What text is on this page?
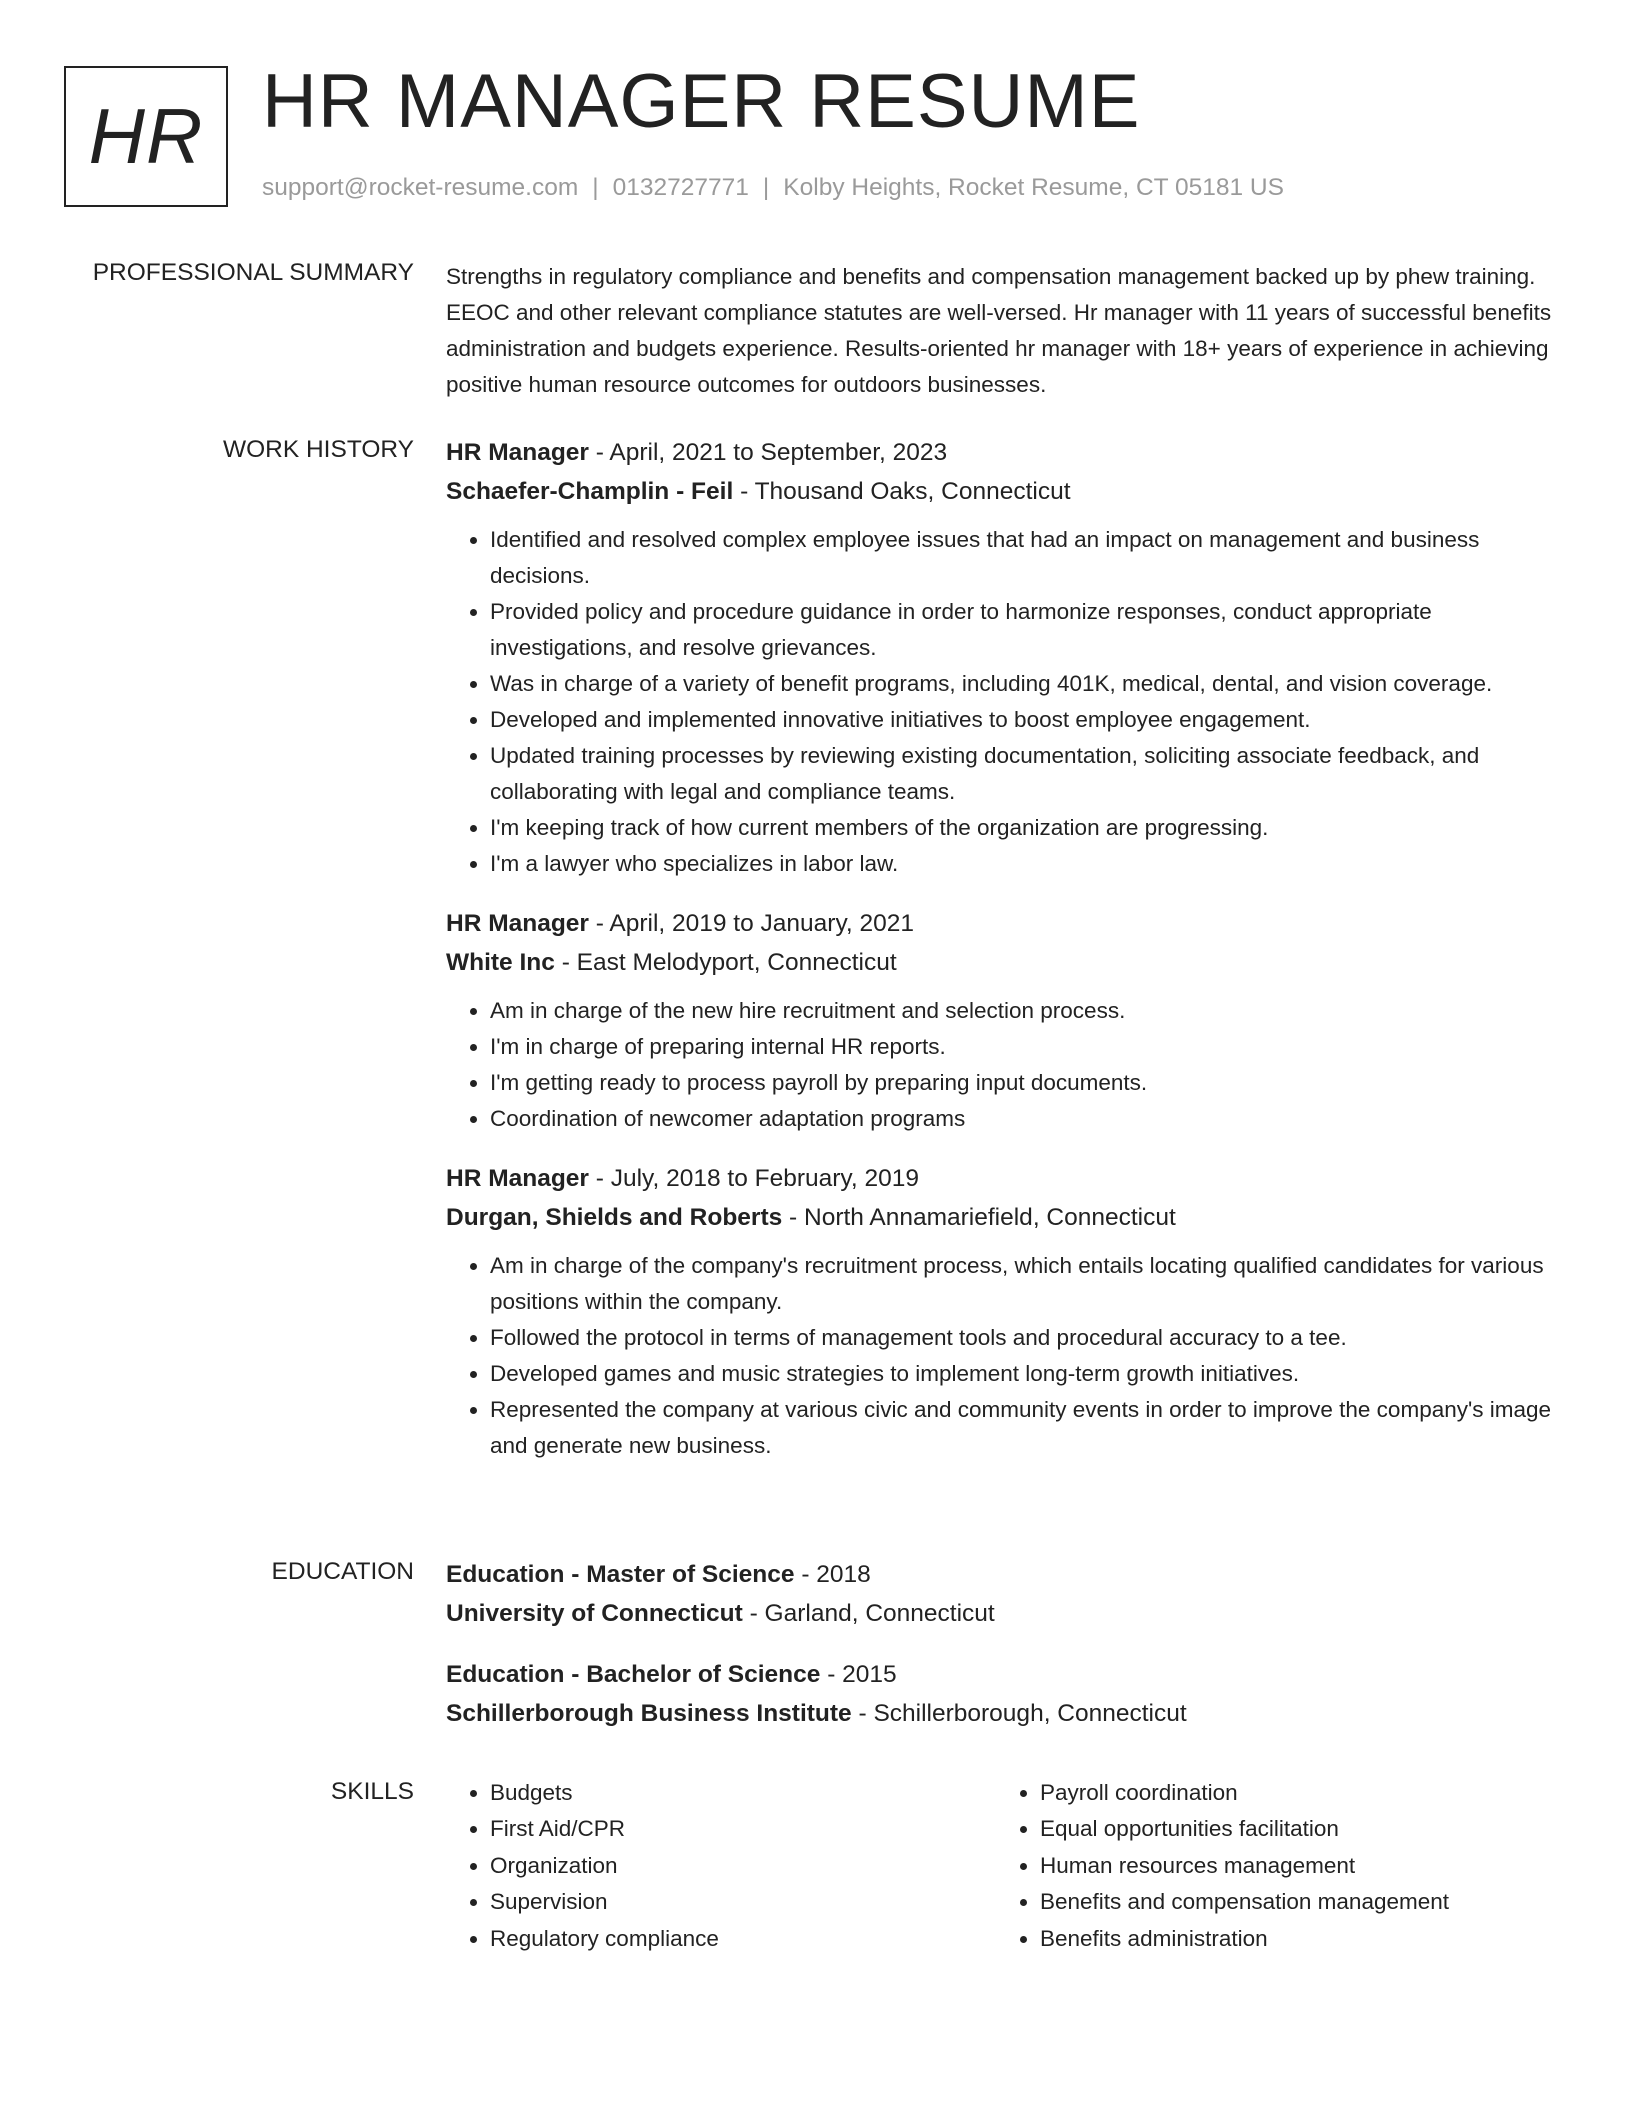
HR HR MANAGER RESUME
support@rocket-resume.com | 0132727771 | Kolby Heights, Rocket Resume, CT 05181 US
PROFESSIONAL SUMMARY Strengths in regulatory compliance and benefits and compensation management backed up by phew training. EEOC and other relevant compliance statutes are well-versed. Hr manager with 11 years of successful benefits administration and budgets experience. Results-oriented hr manager with 18+ years of experience in achieving positive human resource outcomes for outdoors businesses.

WORK HISTORY HR Manager - April, 2021 to September, 2023

Schaefer-Champlin - Feil - Thousand Oaks, Connecticut

• Identified and resolved complex employee issues that had an impact on management and business decisions.
• Provided policy and procedure guidance in order to harmonize responses, conduct appropriate investigations, and resolve grievances.
• Was in charge of a variety of benefit programs, including 401K, medical, dental, and vision coverage.
• Developed and implemented innovative initiatives to boost employee engagement.
• Updated training processes by reviewing existing documentation, soliciting associate feedback, and collaborating with legal and compliance teams.
• I'm keeping track of how current members of the organization are progressing.
• I'm a lawyer who specializes in labor law.

HR Manager - April, 2019 to January, 2021

White Inc - East Melodyport, Connecticut

• Am in charge of the new hire recruitment and selection process.
• I'm in charge of preparing internal HR reports.
• I'm getting ready to process payroll by preparing input documents.
• Coordination of newcomer adaptation programs

HR Manager - July, 2018 to February, 2019

Durgan, Shields and Roberts - North Annamariefield, Connecticut

• Am in charge of the company's recruitment process, which entails locating qualified candidates for various positions within the company.
• Followed the protocol in terms of management tools and procedural accuracy to a tee.
• Developed games and music strategies to implement long-term growth initiatives.
• Represented the company at various civic and community events in order to improve the company's image and generate new business.
EDUCATION Education - Master of Science - 2018

University of Connecticut - Garland, Connecticut

Education - Bachelor of Science - 2015

Schillerborough Business Institute - Schillerborough, Connecticut

SKILLS
•	Budgets
• First Aid/CPR
• Organization
• Supervision
• Regulatory compliance
• Payroll coordination
• Equal opportunities facilitation
• Human resources management
• Benefits and compensation management
• Benefits administration
